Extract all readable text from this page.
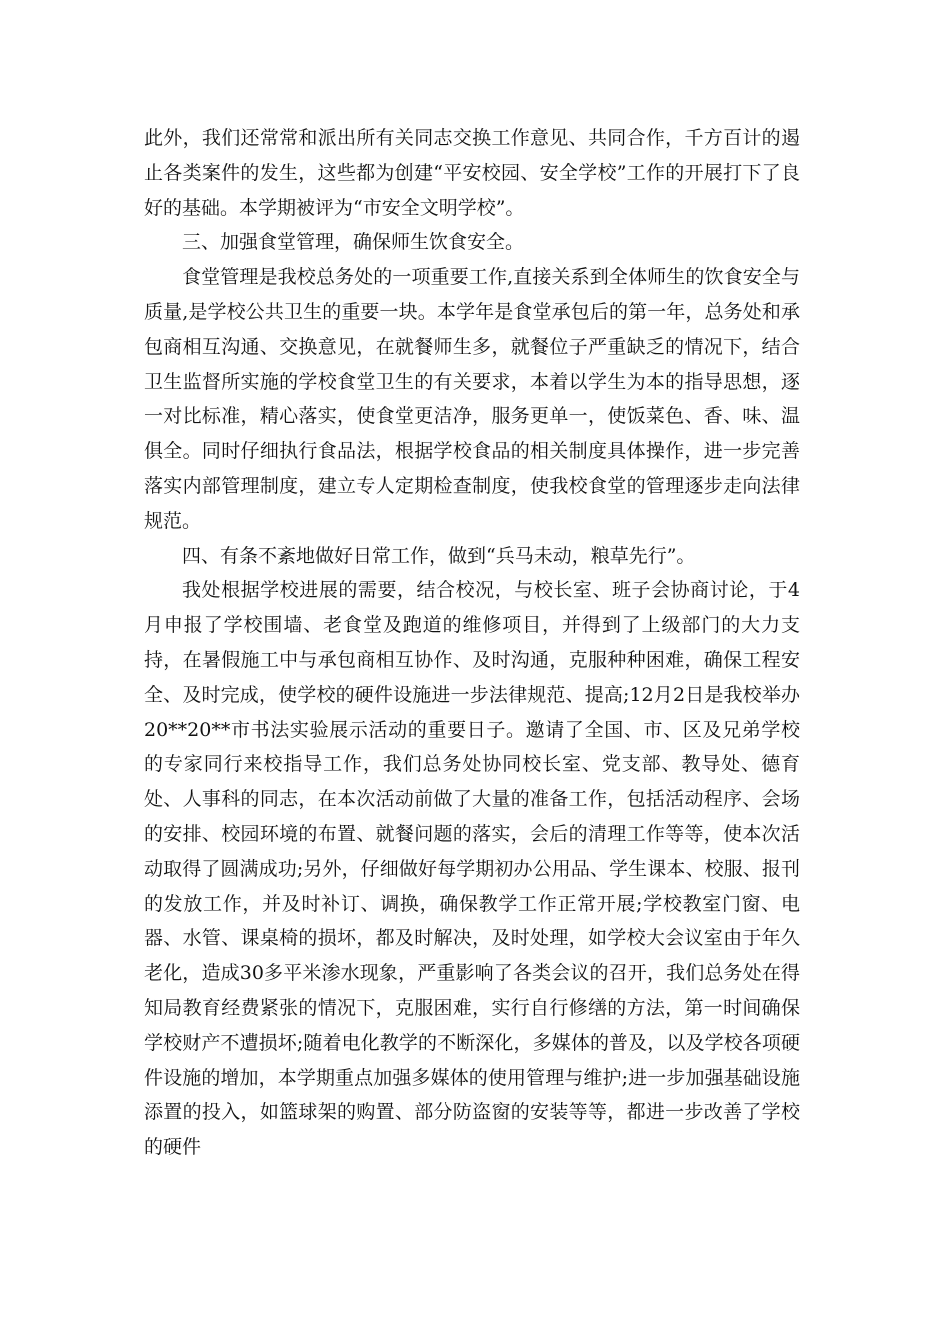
此外，我们还常常和派出所有关同志交换工作意见、共同合作，千方百计的遏止各类案件的发生，这些都为创建“平安校园、安全学校”工作的开展打下了良好的基础。本学期被评为“市安全文明学校”。

三、加强食堂管理，确保师生饮食安全。

食堂管理是我校总务处的一项重要工作,直接关系到全体师生的饮食安全与质量,是学校公共卫生的重要一块。本学年是食堂承包后的第一年，总务处和承包商相互沟通、交换意见，在就餐师生多，就餐位子严重缺乏的情况下，结合卫生监督所实施的学校食堂卫生的有关要求，本着以学生为本的指导思想，逐一对比标准，精心落实，使食堂更洁净，服务更单一，使饭菜色、香、味、温俱全。同时仔细执行食品法，根据学校食品的相关制度具体操作，进一步完善落实内部管理制度，建立专人定期检查制度，使我校食堂的管理逐步走向法律规范。

四、有条不紊地做好日常工作，做到“兵马未动，粮草先行”。

我处根据学校进展的需要，结合校况，与校长室、班子会协商讨论，于4月申报了学校围墙、老食堂及跑道的维修项目，并得到了上级部门的大力支持，在暑假施工中与承包商相互协作、及时沟通，克服种种困难，确保工程安全、及时完成，使学校的硬件设施进一步法律规范、提高;12月2日是我校举办20**20**市书法实验展示活动的重要日子。邀请了全国、市、区及兄弟学校的专家同行来校指导工作，我们总务处协同校长室、党支部、教导处、德育处、人事科的同志，在本次活动前做了大量的准备工作，包括活动程序、会场的安排、校园环境的布置、就餐问题的落实，会后的清理工作等等，使本次活动取得了圆满成功;另外，仔细做好每学期初办公用品、学生课本、校服、报刊的发放工作，并及时补订、调换，确保教学工作正常开展;学校教室门窗、电器、水管、课桌椅的损坏，都及时解决，及时处理，如学校大会议室由于年久老化，造成30多平米渗水现象，严重影响了各类会议的召开，我们总务处在得知局教育经费紧张的情况下，克服困难，实行自行修缮的方法，第一时间确保学校财产不遭损坏;随着电化教学的不断深化，多媒体的普及，以及学校各项硬件设施的增加，本学期重点加强多媒体的使用管理与维护;进一步加强基础设施添置的投入，如篮球架的购置、部分防盗窗的安装等等，都进一步改善了学校的硬件
